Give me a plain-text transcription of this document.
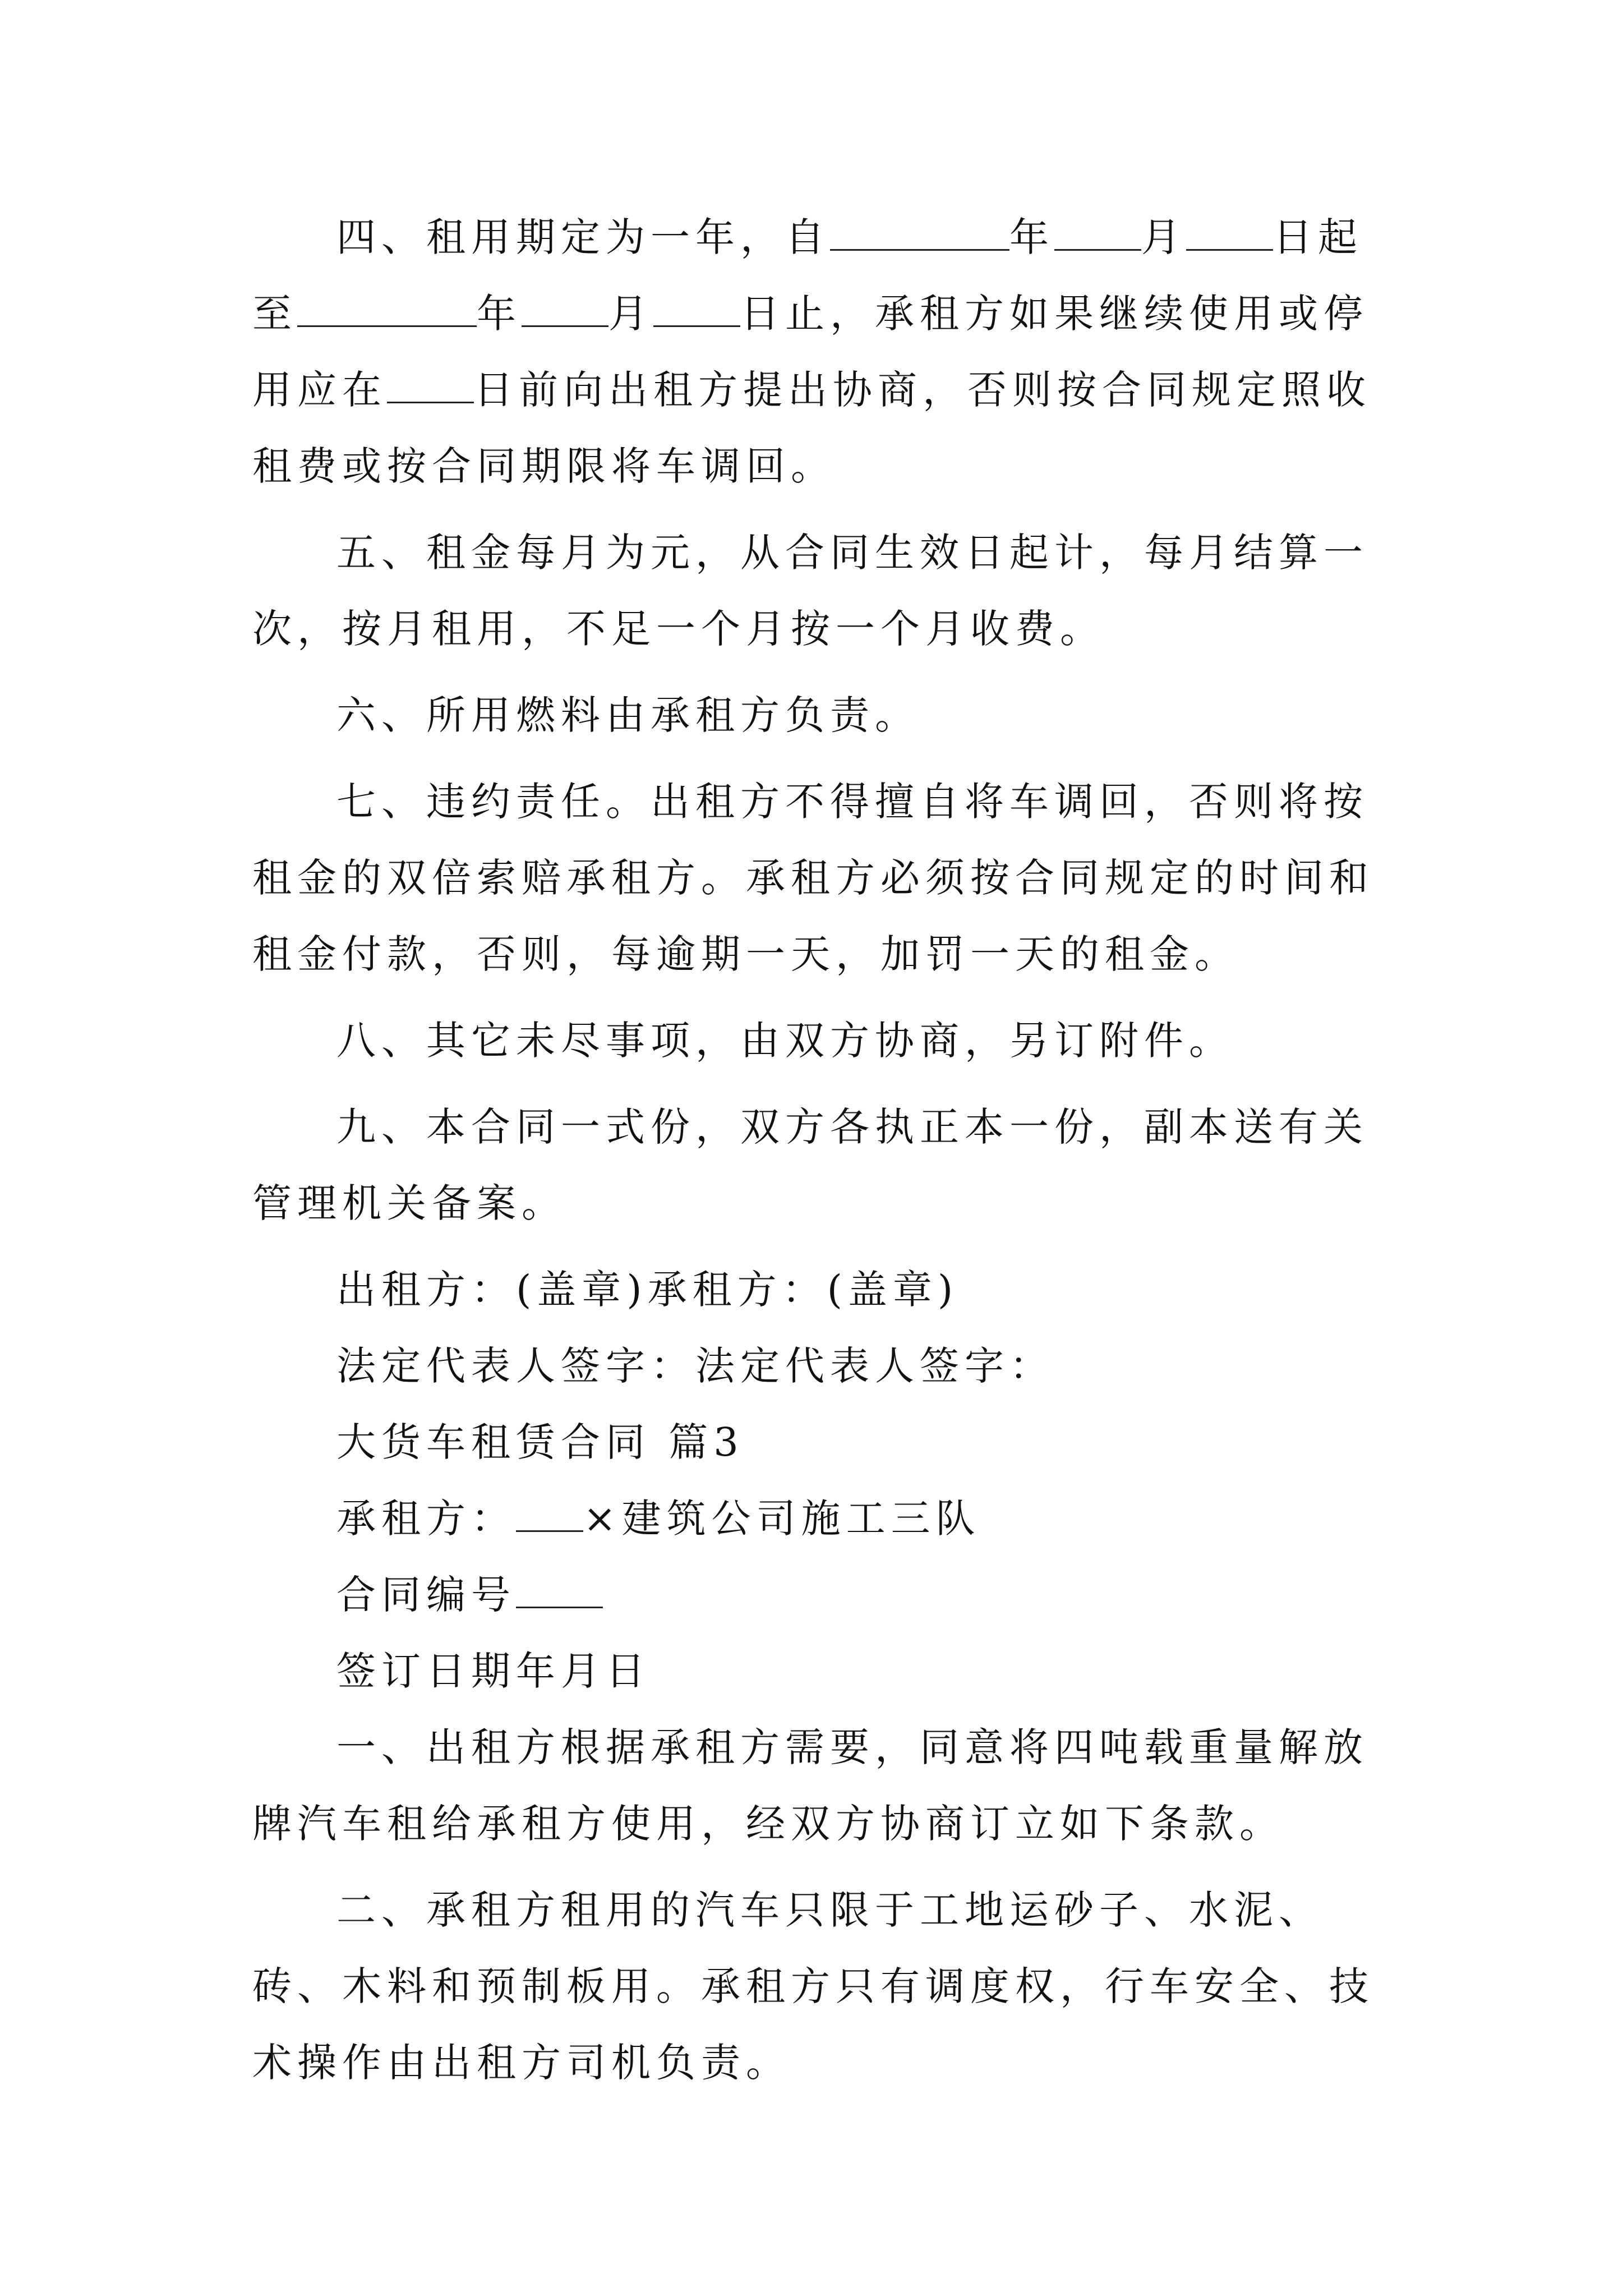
四、租用期定为一年，自	年 月 日起至	年 月 日止，承租方如果继续使用或停用应在 日前向出租方提出协商，否则按合同规定照收租费或按合同期限将车调回。

五、租金每月为元，从合同生效日起计，每月结算一次，按月租用，不足一个月按一个月收费。

六、所用燃料由承租方负责。

七、违约责任。出租方不得擅自将车调回，否则将按租金的双倍索赔承租方。承租方必须按合同规定的时间和租金付款，否则，每逾期一天，加罚一天的租金。

八、其它未尽事项，由双方协商，另订附件。

九、本合同一式份，双方各执正本一份，副本送有关管理机关备案。

出租方：(盖章)承租方：(盖章)

法定代表人签字：法定代表人签字：

大货车租赁合同 篇3

承租方： ×建筑公司施工三队

合同编号

签订日期年月日

一、出租方根据承租方需要，同意将四吨载重量解放牌汽车租给承租方使用，经双方协商订立如下条款。

二、承租方租用的汽车只限于工地运砂子、水泥、砖、木料和预制板用。承租方只有调度权，行车安全、技术操作由出租方司机负责。
